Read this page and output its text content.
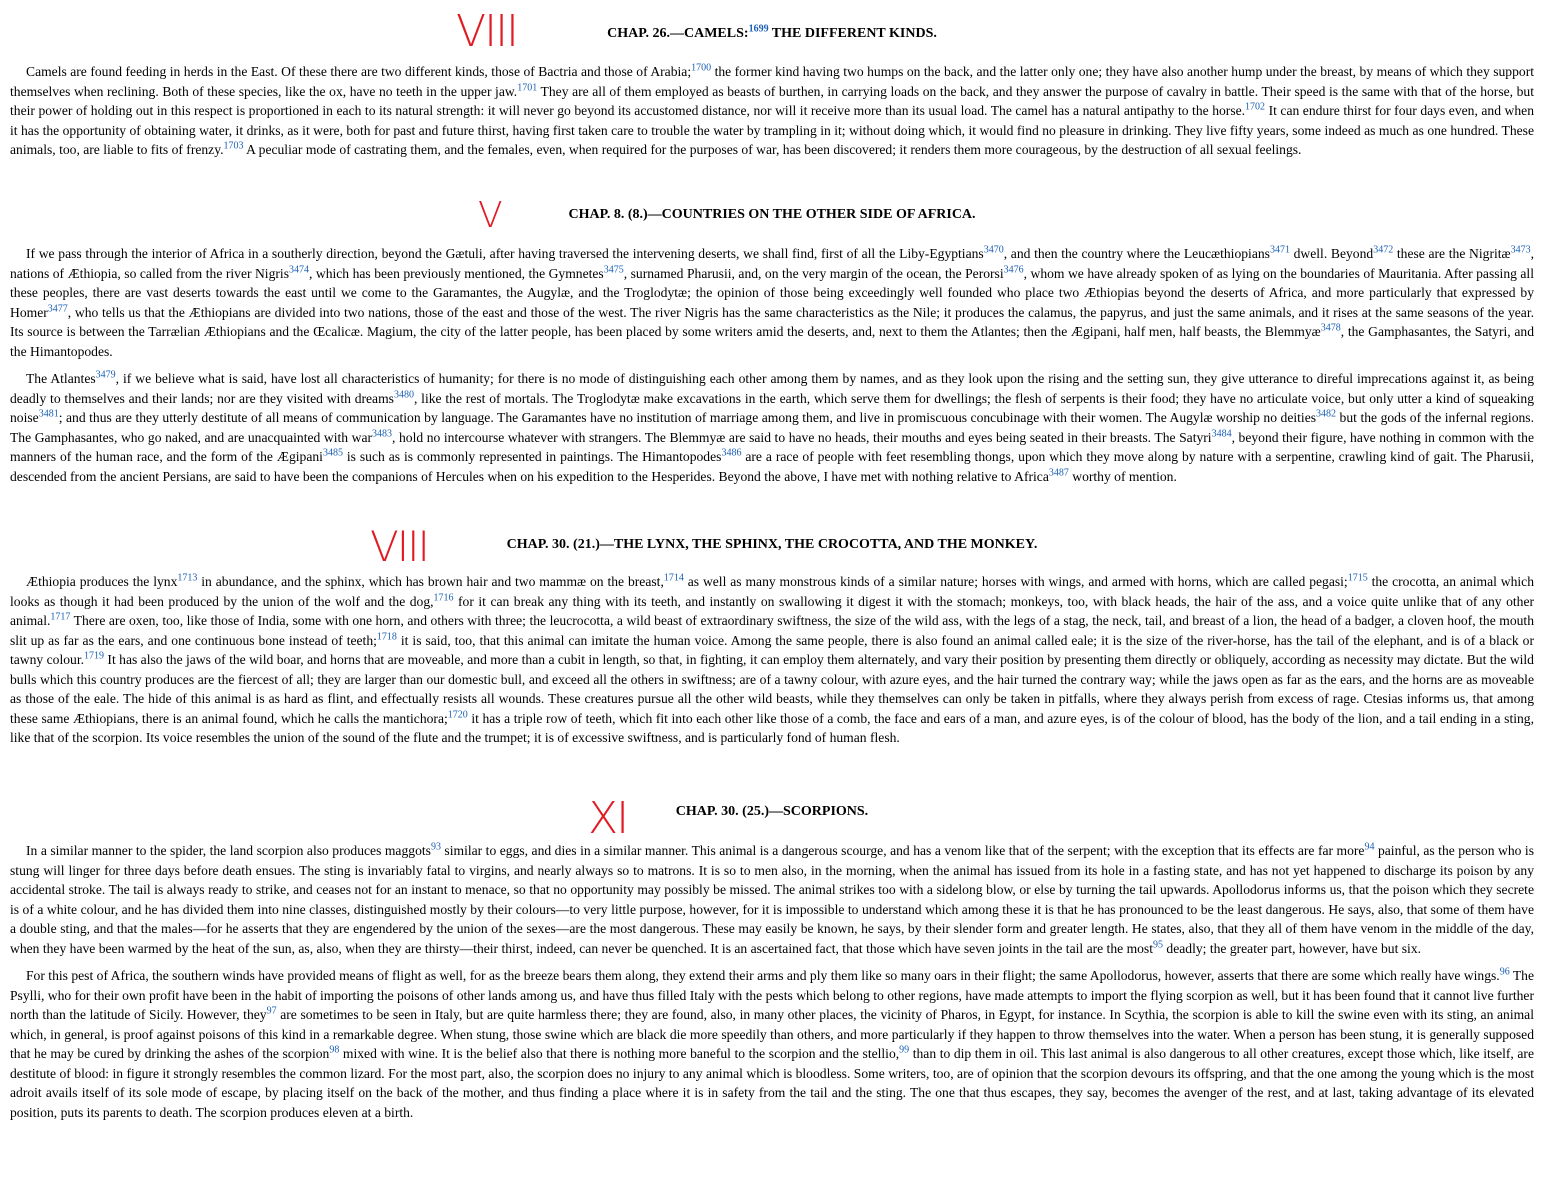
VIII	CHAP. 26.—CAMELS:$^{1699}$ THE DIFFERENT KINDS.

Camels are found feeding in herds in the East. Of these there are two different kinds, those of Bactria and those of Arabia;$^{1700}$ the former kind having two humps on the back, and the latter only one; they have also another hump under the breast, by means of which they support themselves when reclining. Both of these species, like the ox, have no teeth in the upper jaw.$^{1701}$ They are all of them employed as beasts of burthen, in carrying loads on the back, and they answer the purpose of cavalry in battle. Their speed is the same with that of the horse, but their power of holding out in this respect is proportioned in each to its natural strength: it will never go beyond its accustomed distance, nor will it receive more than its usual load. The camel has a natural antipathy to the horse.$^{1702}$ It can endure thirst for four days even, and when it has the opportunity of obtaining water, it drinks, as it were, both for past and future thirst, having first taken care to trouble the water by trampling in it; without doing which, it would find no pleasure in drinking. They live fifty years, some indeed as much as one hundred. These animals, too, are liable to fits of frenzy.$^{1703}$ A peculiar mode of castrating them, and the females, even, when required for the purposes of war, has been discovered; it renders them more courageous, by the destruction of all sexual feelings.

V	CHAP. 8. (8.)—COUNTRIES ON THE OTHER SIDE OF AFRICA.

If we pass through the interior of Africa in a southerly direction, beyond the Gætuli, after having traversed the intervening deserts, we shall find, first of all the Liby-Egyptians$^{3470}$, and then the country where the Leucæthiopians$^{3471}$ dwell. Beyond$^{3472}$ these are the Nigritæ$^{3473}$, nations of Æthiopia, so called from the river Nigris$^{3474}$, which has been previously mentioned, the Gymnetes$^{3475}$, surnamed Pharusii, and, on the very margin of the ocean, the Perorsi$^{3476}$, whom we have already spoken of as lying on the boundaries of Mauritania. After passing all these peoples, there are vast deserts towards the east until we come to the Garamantes, the Augylæ, and the Troglodytæ; the opinion of those being exceedingly well founded who place two Æthiopias beyond the deserts of Africa, and more particularly that expressed by Homer$^{3477}$, who tells us that the Æthiopians are divided into two nations, those of the east and those of the west. The river Nigris has the same characteristics as the Nile; it produces the calamus, the papyrus, and just the same animals, and it rises at the same seasons of the year. Its source is between the Tarrælian Æthiopians and the Œcalicæ. Magium, the city of the latter people, has been placed by some writers amid the deserts, and, next to them the Atlantes; then the Ægipani, half men, half beasts, the Blemmyæ$^{3478}$, the Gamphasantes, the Satyri, and the Himantopodes.

The Atlantes$^{3479}$, if we believe what is said, have lost all characteristics of humanity; for there is no mode of distinguishing each other among them by names, and as they look upon the rising and the setting sun, they give utterance to direful imprecations against it, as being deadly to themselves and their lands; nor are they visited with dreams$^{3480}$, like the rest of mortals. The Troglodytæ make excavations in the earth, which serve them for dwellings; the flesh of serpents is their food; they have no articulate voice, but only utter a kind of squeaking noise$^{3481}$; and thus are they utterly destitute of all means of communication by language. The Garamantes have no institution of marriage among them, and live in promiscuous concubinage with their women. The Augylæ worship no deities$^{3482}$ but the gods of the infernal regions. The Gamphasantes, who go naked, and are unacquainted with war$^{3483}$, hold no intercourse whatever with strangers. The Blemmyæ are said to have no heads, their mouths and eyes being seated in their breasts. The Satyri$^{3484}$, beyond their figure, have nothing in common with the manners of the human race, and the form of the Ægipani$^{3485}$ is such as is commonly represented in paintings. The Himantopodes$^{3486}$ are a race of people with feet resembling thongs, upon which they move along by nature with a serpentine, crawling kind of gait. The Pharusii, descended from the ancient Persians, are said to have been the companions of Hercules when on his expedition to the Hesperides. Beyond the above, I have met with nothing relative to Africa$^{3487}$ worthy of mention.

VIII	CHAP. 30. (21.)—THE LYNX, THE SPHINX, THE CROCOTTA, AND THE MONKEY.

Æthiopia produces the lynx$^{1713}$ in abundance, and the sphinx, which has brown hair and two mammæ on the breast,$^{1714}$ as well as many monstrous kinds of a similar nature; horses with wings, and armed with horns, which are called pegasi;$^{1715}$ the crocotta, an animal which looks as though it had been produced by the union of the wolf and the dog,$^{1716}$ for it can break any thing with its teeth, and instantly on swallowing it digest it with the stomach; monkeys, too, with black heads, the hair of the ass, and a voice quite unlike that of any other animal.$^{1717}$ There are oxen, too, like those of India, some with one horn, and others with three; the leucrocotta, a wild beast of extraordinary swiftness, the size of the wild ass, with the legs of a stag, the neck, tail, and breast of a lion, the head of a badger, a cloven hoof, the mouth slit up as far as the ears, and one continuous bone instead of teeth;$^{1718}$ it is said, too, that this animal can imitate the human voice. Among the same people, there is also found an animal called eale; it is the size of the river-horse, has the tail of the elephant, and is of a black or tawny colour.$^{1719}$ It has also the jaws of the wild boar, and horns that are moveable, and more than a cubit in length, so that, in fighting, it can employ them alternately, and vary their position by presenting them directly or obliquely, according as necessity may dictate. But the wild bulls which this country produces are the fiercest of all; they are larger than our domestic bull, and exceed all the others in swiftness; are of a tawny colour, with azure eyes, and the hair turned the contrary way; while the jaws open as far as the ears, and the horns are as moveable as those of the eale. The hide of this animal is as hard as flint, and effectually resists all wounds. These creatures pursue all the other wild beasts, while they themselves can only be taken in pitfalls, where they always perish from excess of rage. Ctesias informs us, that among these same Æthiopians, there is an animal found, which he calls the mantichora;$^{1720}$ it has a triple row of teeth, which fit into each other like those of a comb, the face and ears of a man, and azure eyes, is of the colour of blood, has the body of the lion, and a tail ending in a sting, like that of the scorpion. Its voice resembles the union of the sound of the flute and the trumpet; it is of excessive swiftness, and is particularly fond of human flesh.

XI	CHAP. 30. (25.)—SCORPIONS.

In a similar manner to the spider, the land scorpion also produces maggots$^{93}$ similar to eggs, and dies in a similar manner. This animal is a dangerous scourge, and has a venom like that of the serpent; with the exception that its effects are far more$^{94}$ painful, as the person who is stung will linger for three days before death ensues. The sting is invariably fatal to virgins, and nearly always so to matrons. It is so to men also, in the morning, when the animal has issued from its hole in a fasting state, and has not yet happened to discharge its poison by any accidental stroke. The tail is always ready to strike, and ceases not for an instant to menace, so that no opportunity may possibly be missed. The animal strikes too with a sidelong blow, or else by turning the tail upwards. Apollodorus informs us, that the poison which they secrete is of a white colour, and he has divided them into nine classes, distinguished mostly by their colours—to very little purpose, however, for it is impossible to understand which among these it is that he has pronounced to be the least dangerous. He says, also, that some of them have a double sting, and that the males—for he asserts that they are engendered by the union of the sexes—are the most dangerous. These may easily be known, he says, by their slender form and greater length. He states, also, that they all of them have venom in the middle of the day, when they have been warmed by the heat of the sun, as, also, when they are thirsty—their thirst, indeed, can never be quenched. It is an ascertained fact, that those which have seven joints in the tail are the most$^{95}$ deadly; the greater part, however, have but six.

For this pest of Africa, the southern winds have provided means of flight as well, for as the breeze bears them along, they extend their arms and ply them like so many oars in their flight; the same Apollodorus, however, asserts that there are some which really have wings.$^{96}$ The Psylli, who for their own profit have been in the habit of importing the poisons of other lands among us, and have thus filled Italy with the pests which belong to other regions, have made attempts to import the flying scorpion as well, but it has been found that it cannot live further north than the latitude of Sicily. However, they$^{97}$ are sometimes to be seen in Italy, but are quite harmless there; they are found, also, in many other places, the vicinity of Pharos, in Egypt, for instance. In Scythia, the scorpion is able to kill the swine even with its sting, an animal which, in general, is proof against poisons of this kind in a remarkable degree. When stung, those swine which are black die more speedily than others, and more particularly if they happen to throw themselves into the water. When a person has been stung, it is generally supposed that he may be cured by drinking the ashes of the scorpion$^{98}$ mixed with wine. It is the belief also that there is nothing more baneful to the scorpion and the stellio,$^{99}$ than to dip them in oil. This last animal is also dangerous to all other creatures, except those which, like itself, are destitute of blood: in figure it strongly resembles the common lizard. For the most part, also, the scorpion does no injury to any animal which is bloodless. Some writers, too, are of opinion that the scorpion devours its offspring, and that the one among the young which is the most adroit avails itself of its sole mode of escape, by placing itself on the back of the mother, and thus finding a place where it is in safety from the tail and the sting. The one that thus escapes, they say, becomes the avenger of the rest, and at last, taking advantage of its elevated position, puts its parents to death. The scorpion produces eleven at a birth.
